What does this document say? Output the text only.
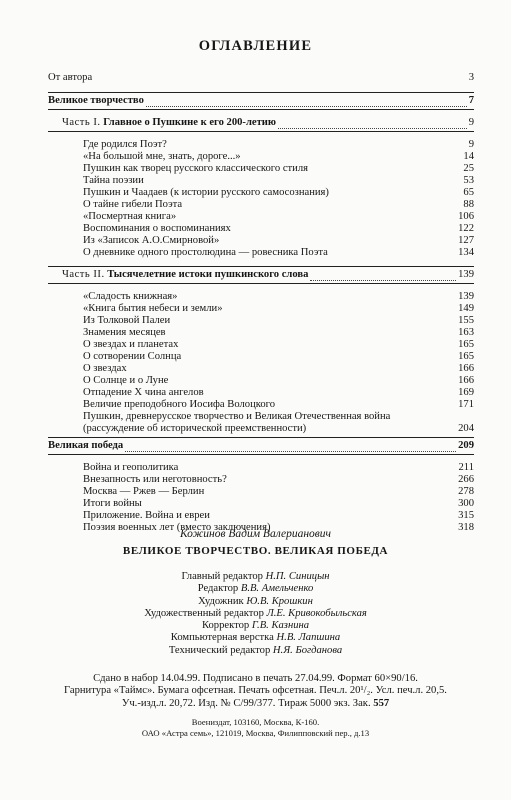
ОГЛАВЛЕНИЕ
От автора	3
Великое творчество	7
Часть I. Главное о Пушкине к его 200-летию	9
Где родился Поэт?	9
«На большой мне, знать, дороге...»	14
Пушкин как творец русского классического стиля	25
Тайна поэзии	53
Пушкин и Чаадаев (к истории русского самосознания)	65
О тайне гибели Поэта	88
«Посмертная книга»	106
Воспоминания о воспоминаниях	122
Из «Записок А.О.Смирновой»	127
О дневнике одного простолюдина — ровесника Поэта	134
Часть II. Тысячелетние истоки пушкинского слова	139
«Сладость книжная»	139
«Книга бытия небеси и земли»	149
Из Толковой Палеи	155
Знамения месяцев	163
О звездах и планетах	165
О сотворении Солнца	165
О звездах	166
О Солнце и о Луне	166
Отпадение Х чина ангелов	169
Величие преподобного Иосифа Волоцкого	171
Пушкин, древнерусское творчество и Великая Отечественная война
(рассуждение об исторической преемственности)	204
Великая победа	209
Война и геополитика	211
Внезапность или неготовность?	266
Москва — Ржев — Берлин	278
Итоги войны	300
Приложение. Война и евреи	315
Поэзия военных лет (вместо заключения)	318
Кожинов Вадим Валерианович
ВЕЛИКОЕ ТВОРЧЕСТВО. ВЕЛИКАЯ ПОБЕДА
Главный редактор Н.П. Синицын
Редактор В.В. Амельченко
Художник Ю.В. Крошкин
Художественный редактор Л.Е. Кривокобыльская
Корректор Г.В. Казнина
Компьютерная верстка Н.В. Лапшина
Технический редактор Н.Я. Богданова
Сдано в набор 14.04.99. Подписано в печать 27.04.99. Формат 60×90/16.
Гарнитура «Таймс». Бумага офсетная. Печать офсетная. Печ.л. 20¹/₂. Усл. печ.л. 20,5.
Уч.-изд.л. 20,72. Изд. № С/99/377. Тираж 5000 экз. Зак. 557
Воениздат, 103160, Москва, К-160.
ОАО «Астра семь», 121019, Москва, Филипповский пер., д.13
